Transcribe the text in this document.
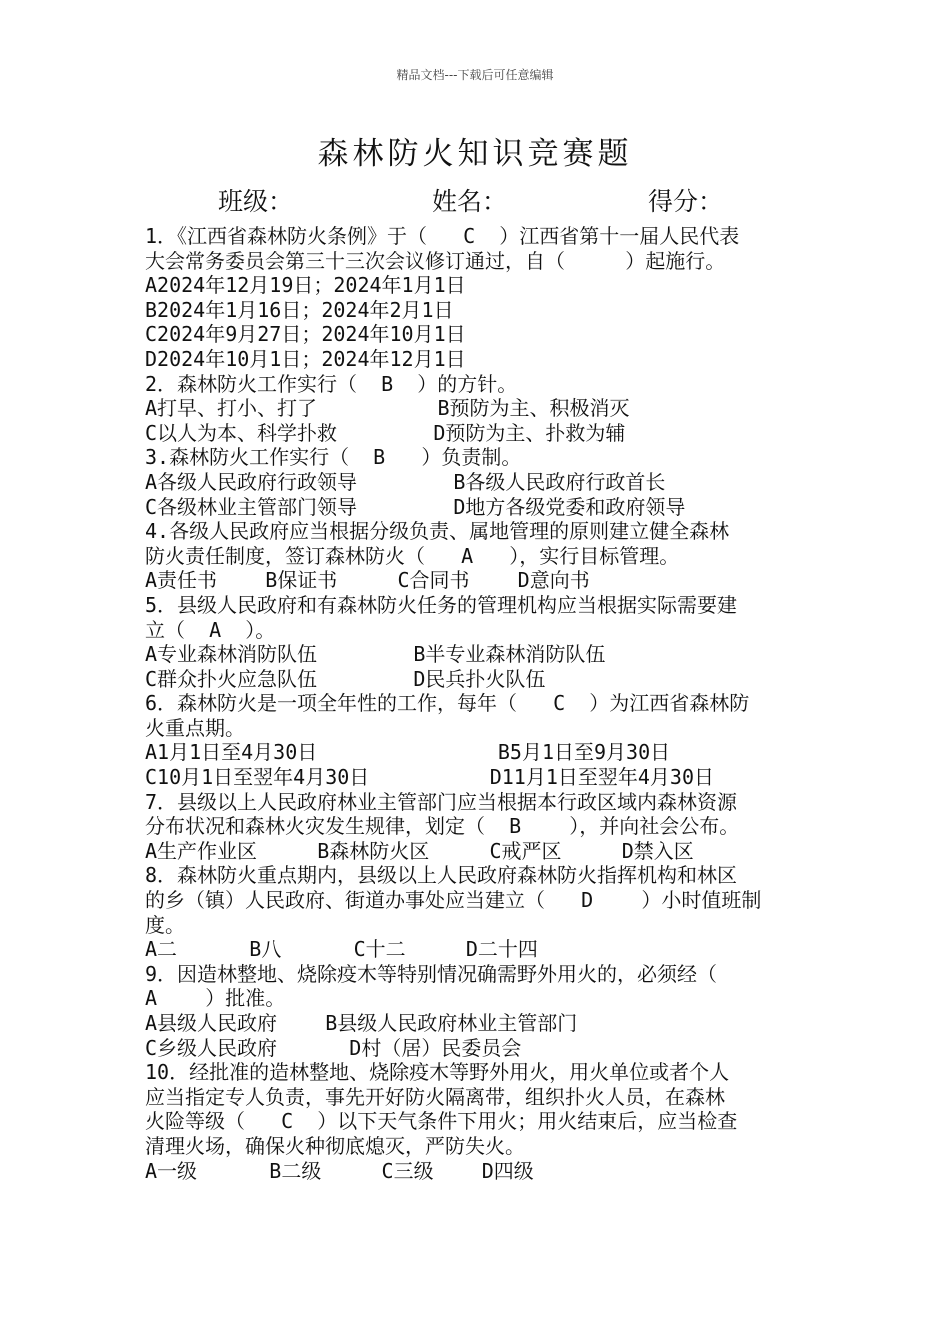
精品文档---下载后可任意编辑
森林防火知识竞赛题
班级：	姓名：	得分：
1．《江西省森林防火条例》于（   C  ）江西省第十一届人民代表
大会常务委员会第三十三次会议修订通过，自（     ）起施行。
A2024年12月19日；2024年1月1日
B2024年1月16日；2024年2月1日
C2024年9月27日；2024年10月1日
D2024年10月1日；2024年12月1日
2．森林防火工作实行（  B  ）的方针。
A打早、打小、打了          B预防为主、积极消灭
C以人为本、科学扑救        D预防为主、扑救为辅
3.森林防火工作实行（  B   ）负责制。
A各级人民政府行政领导        B各级人民政府行政首长
C各级林业主管部门领导        D地方各级党委和政府领导
4.各级人民政府应当根据分级负责、属地管理的原则建立健全森林
防火责任制度，签订森林防火（   A   ），实行目标管理。
A责任书    B保证书     C合同书    D意向书
5．县级人民政府和有森林防火任务的管理机构应当根据实际需要建
立（  A  ）。
A专业森林消防队伍        B半专业森林消防队伍
C群众扑火应急队伍        D民兵扑火队伍
6．森林防火是一项全年性的工作，每年（   C  ）为江西省森林防
火重点期。
A1月1日至4月30日               B5月1日至9月30日
C10月1日至翌年4月30日          D11月1日至翌年4月30日
7．县级以上人民政府林业主管部门应当根据本行政区域内森林资源
分布状况和森林火灾发生规律，划定（  B    ），并向社会公布。
A生产作业区     B森林防火区     C戒严区     D禁入区
8．森林防火重点期内，县级以上人民政府森林防火指挥机构和林区
的乡（镇）人民政府、街道办事处应当建立（   D    ）小时值班制
度。
A二      B八      C十二     D二十四
9．因造林整地、烧除疫木等特别情况确需野外用火的，必须经（
A    ）批准。
A县级人民政府    B县级人民政府林业主管部门
C乡级人民政府      D村（居）民委员会
10．经批准的造林整地、烧除疫木等野外用火，用火单位或者个人
应当指定专人负责，事先开好防火隔离带，组织扑火人员，在森林
火险等级（   C  ）以下天气条件下用火；用火结束后，应当检查
清理火场，确保火种彻底熄灭，严防失火。
A一级      B二级     C三级    D四级
